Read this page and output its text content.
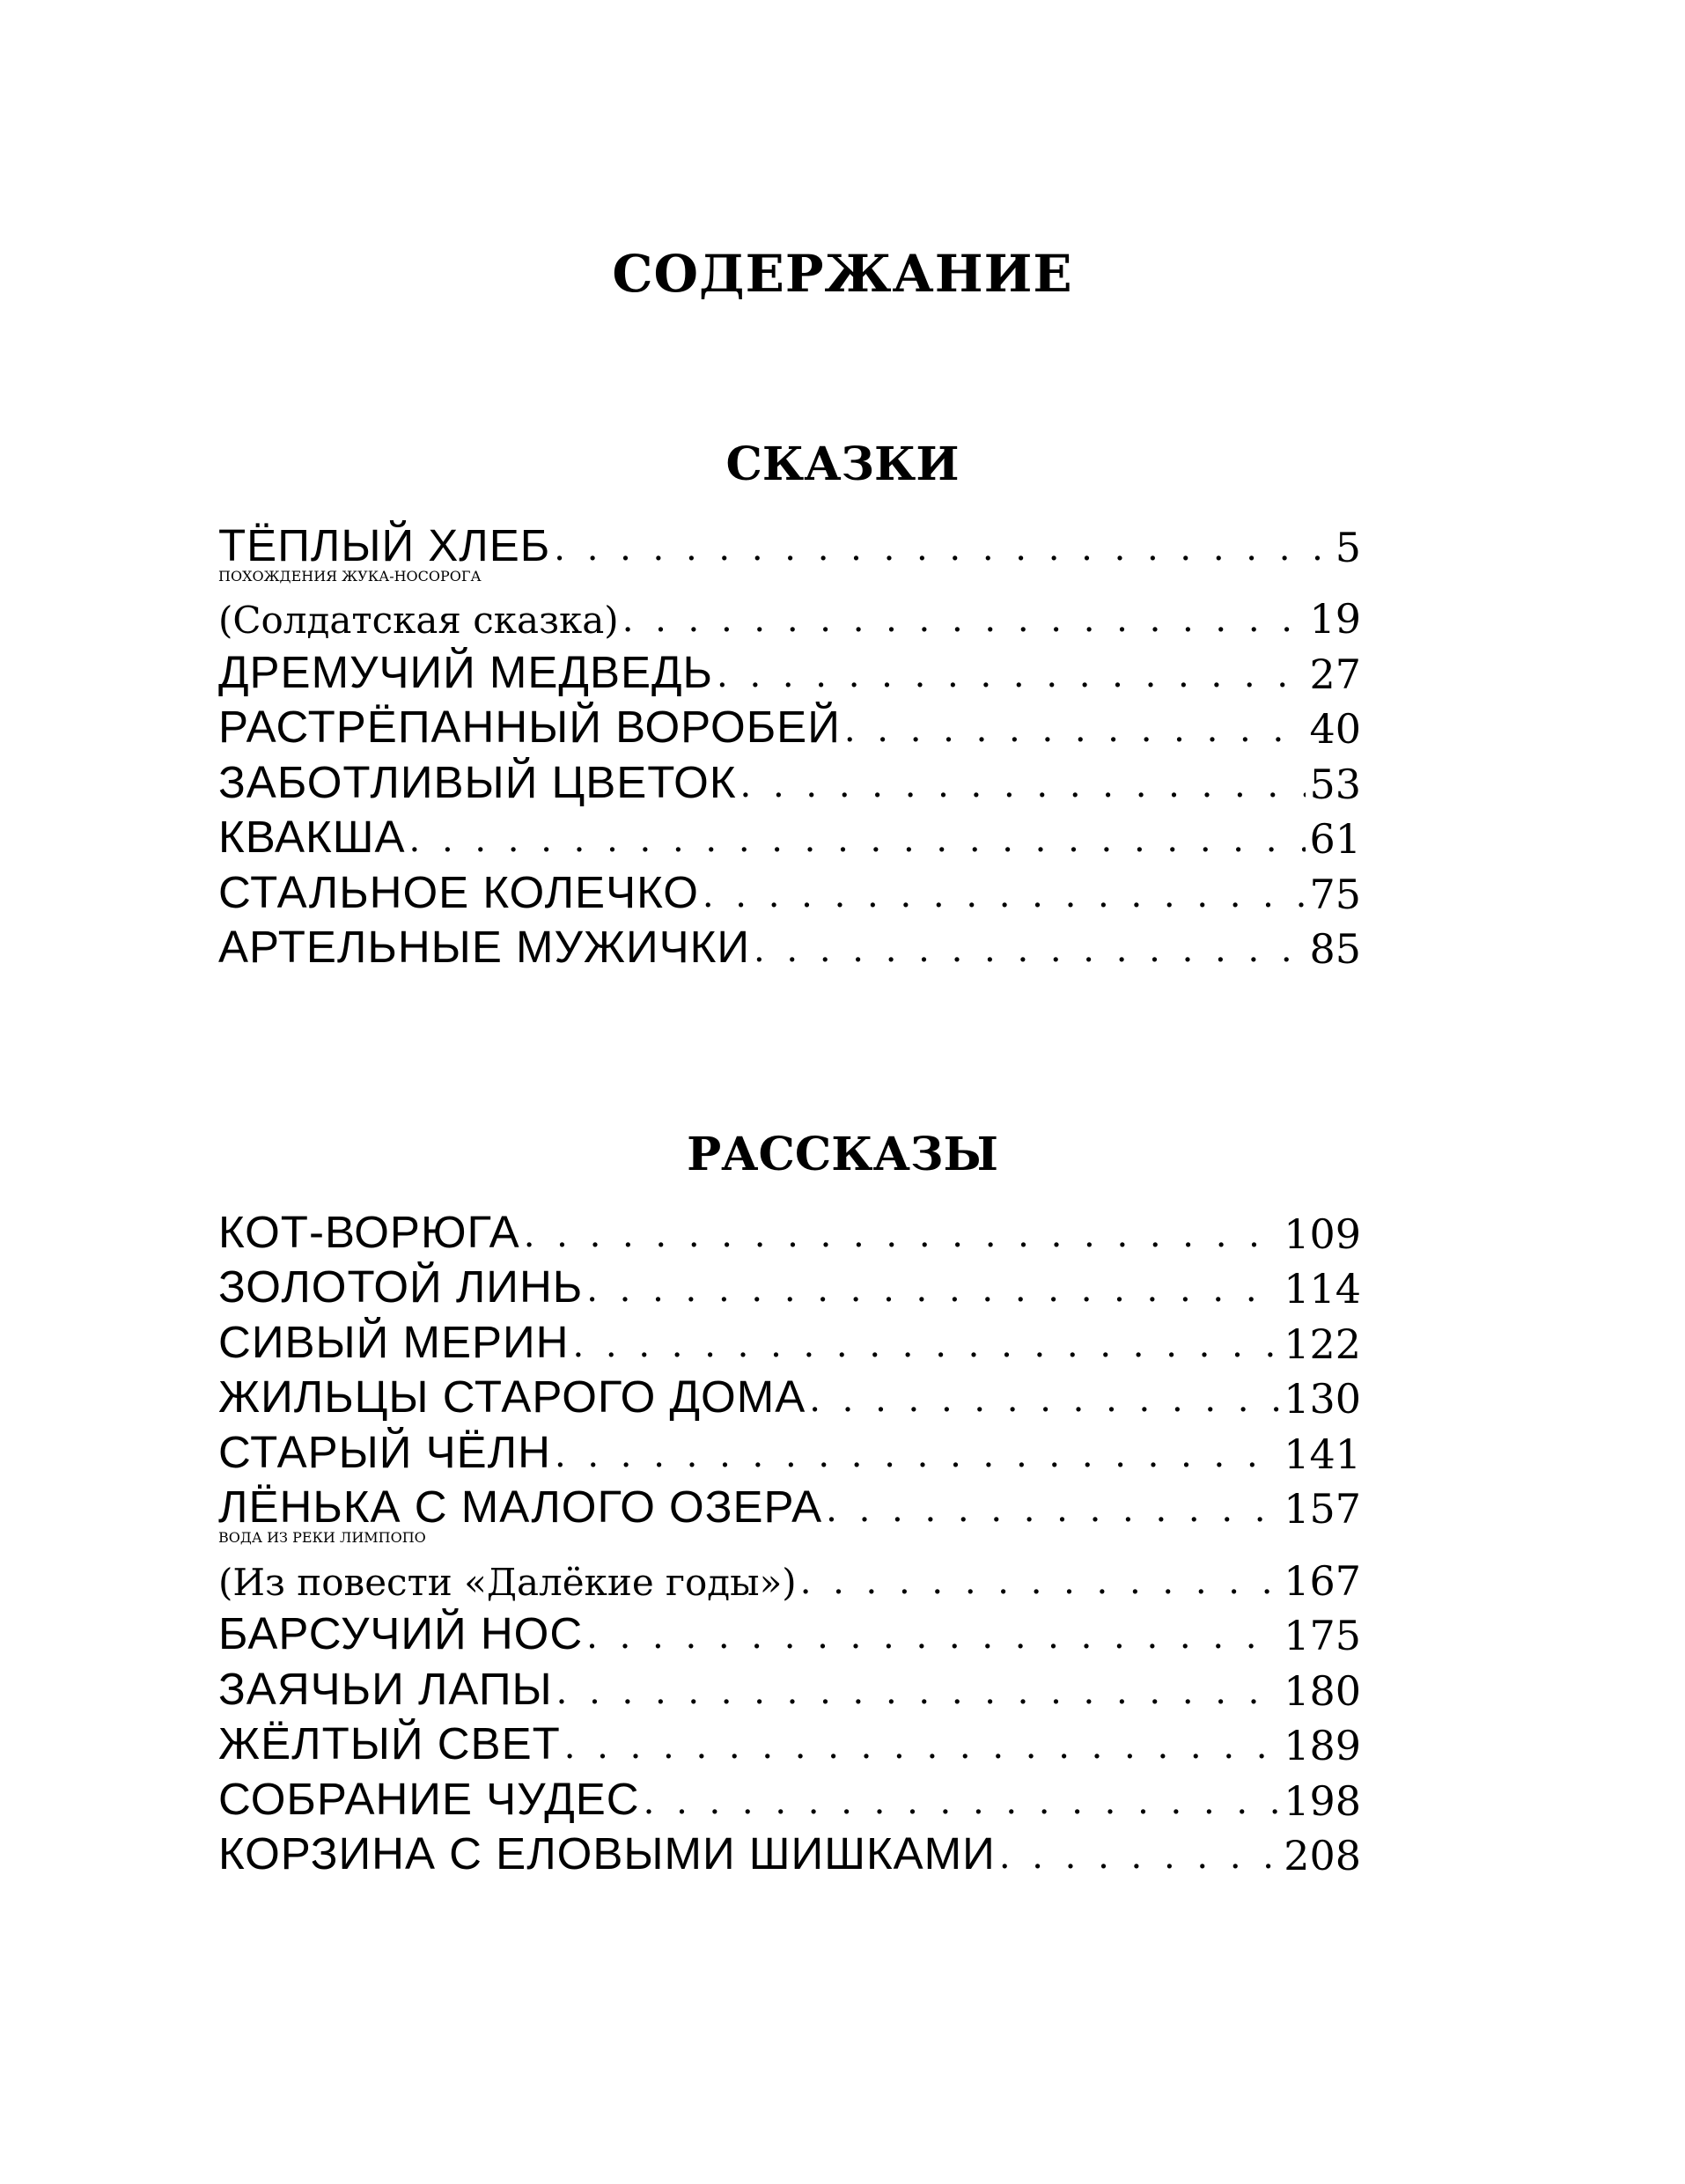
СОДЕРЖАНИЕ
СКАЗКИ
ТЁПЛЫЙ ХЛЕБ . . .	5
ПОХОЖДЕНИЯ ЖУКА-НОСОРОГА
(Солдатская сказка) . . .	19
ДРЕМУЧИЙ МЕДВЕДЬ . . .	27
РАСТРЁПАННЫЙ ВОРОБЕЙ . . .	40
ЗАБОТЛИВЫЙ ЦВЕТОК . . .	53
КВАКША . . .	61
СТАЛЬНОЕ КОЛЕЧКО . . .	75
АРТЕЛЬНЫЕ МУЖИЧКИ . . .	85
РАССКАЗЫ
КОТ-ВОРЮГА . . .	109
ЗОЛОТОЙ ЛИНЬ . . .	114
СИВЫЙ МЕРИН . . .	122
ЖИЛЬЦЫ СТАРОГО ДОМА . . .	130
СТАРЫЙ ЧЁЛН . . .	141
ЛЁНЬКА С МАЛОГО ОЗЕРА . . .	157
ВОДА ИЗ РЕКИ ЛИМПОПО
(Из повести «Далёкие годы») . . .	167
БАРСУЧИЙ НОС . . .	175
ЗАЯЧЬИ ЛАПЫ . . .	180
ЖЁЛТЫЙ СВЕТ . . .	189
СОБРАНИЕ ЧУДЕС . . .	198
КОРЗИНА С ЕЛОВЫМИ ШИШКАМИ . . .	208
